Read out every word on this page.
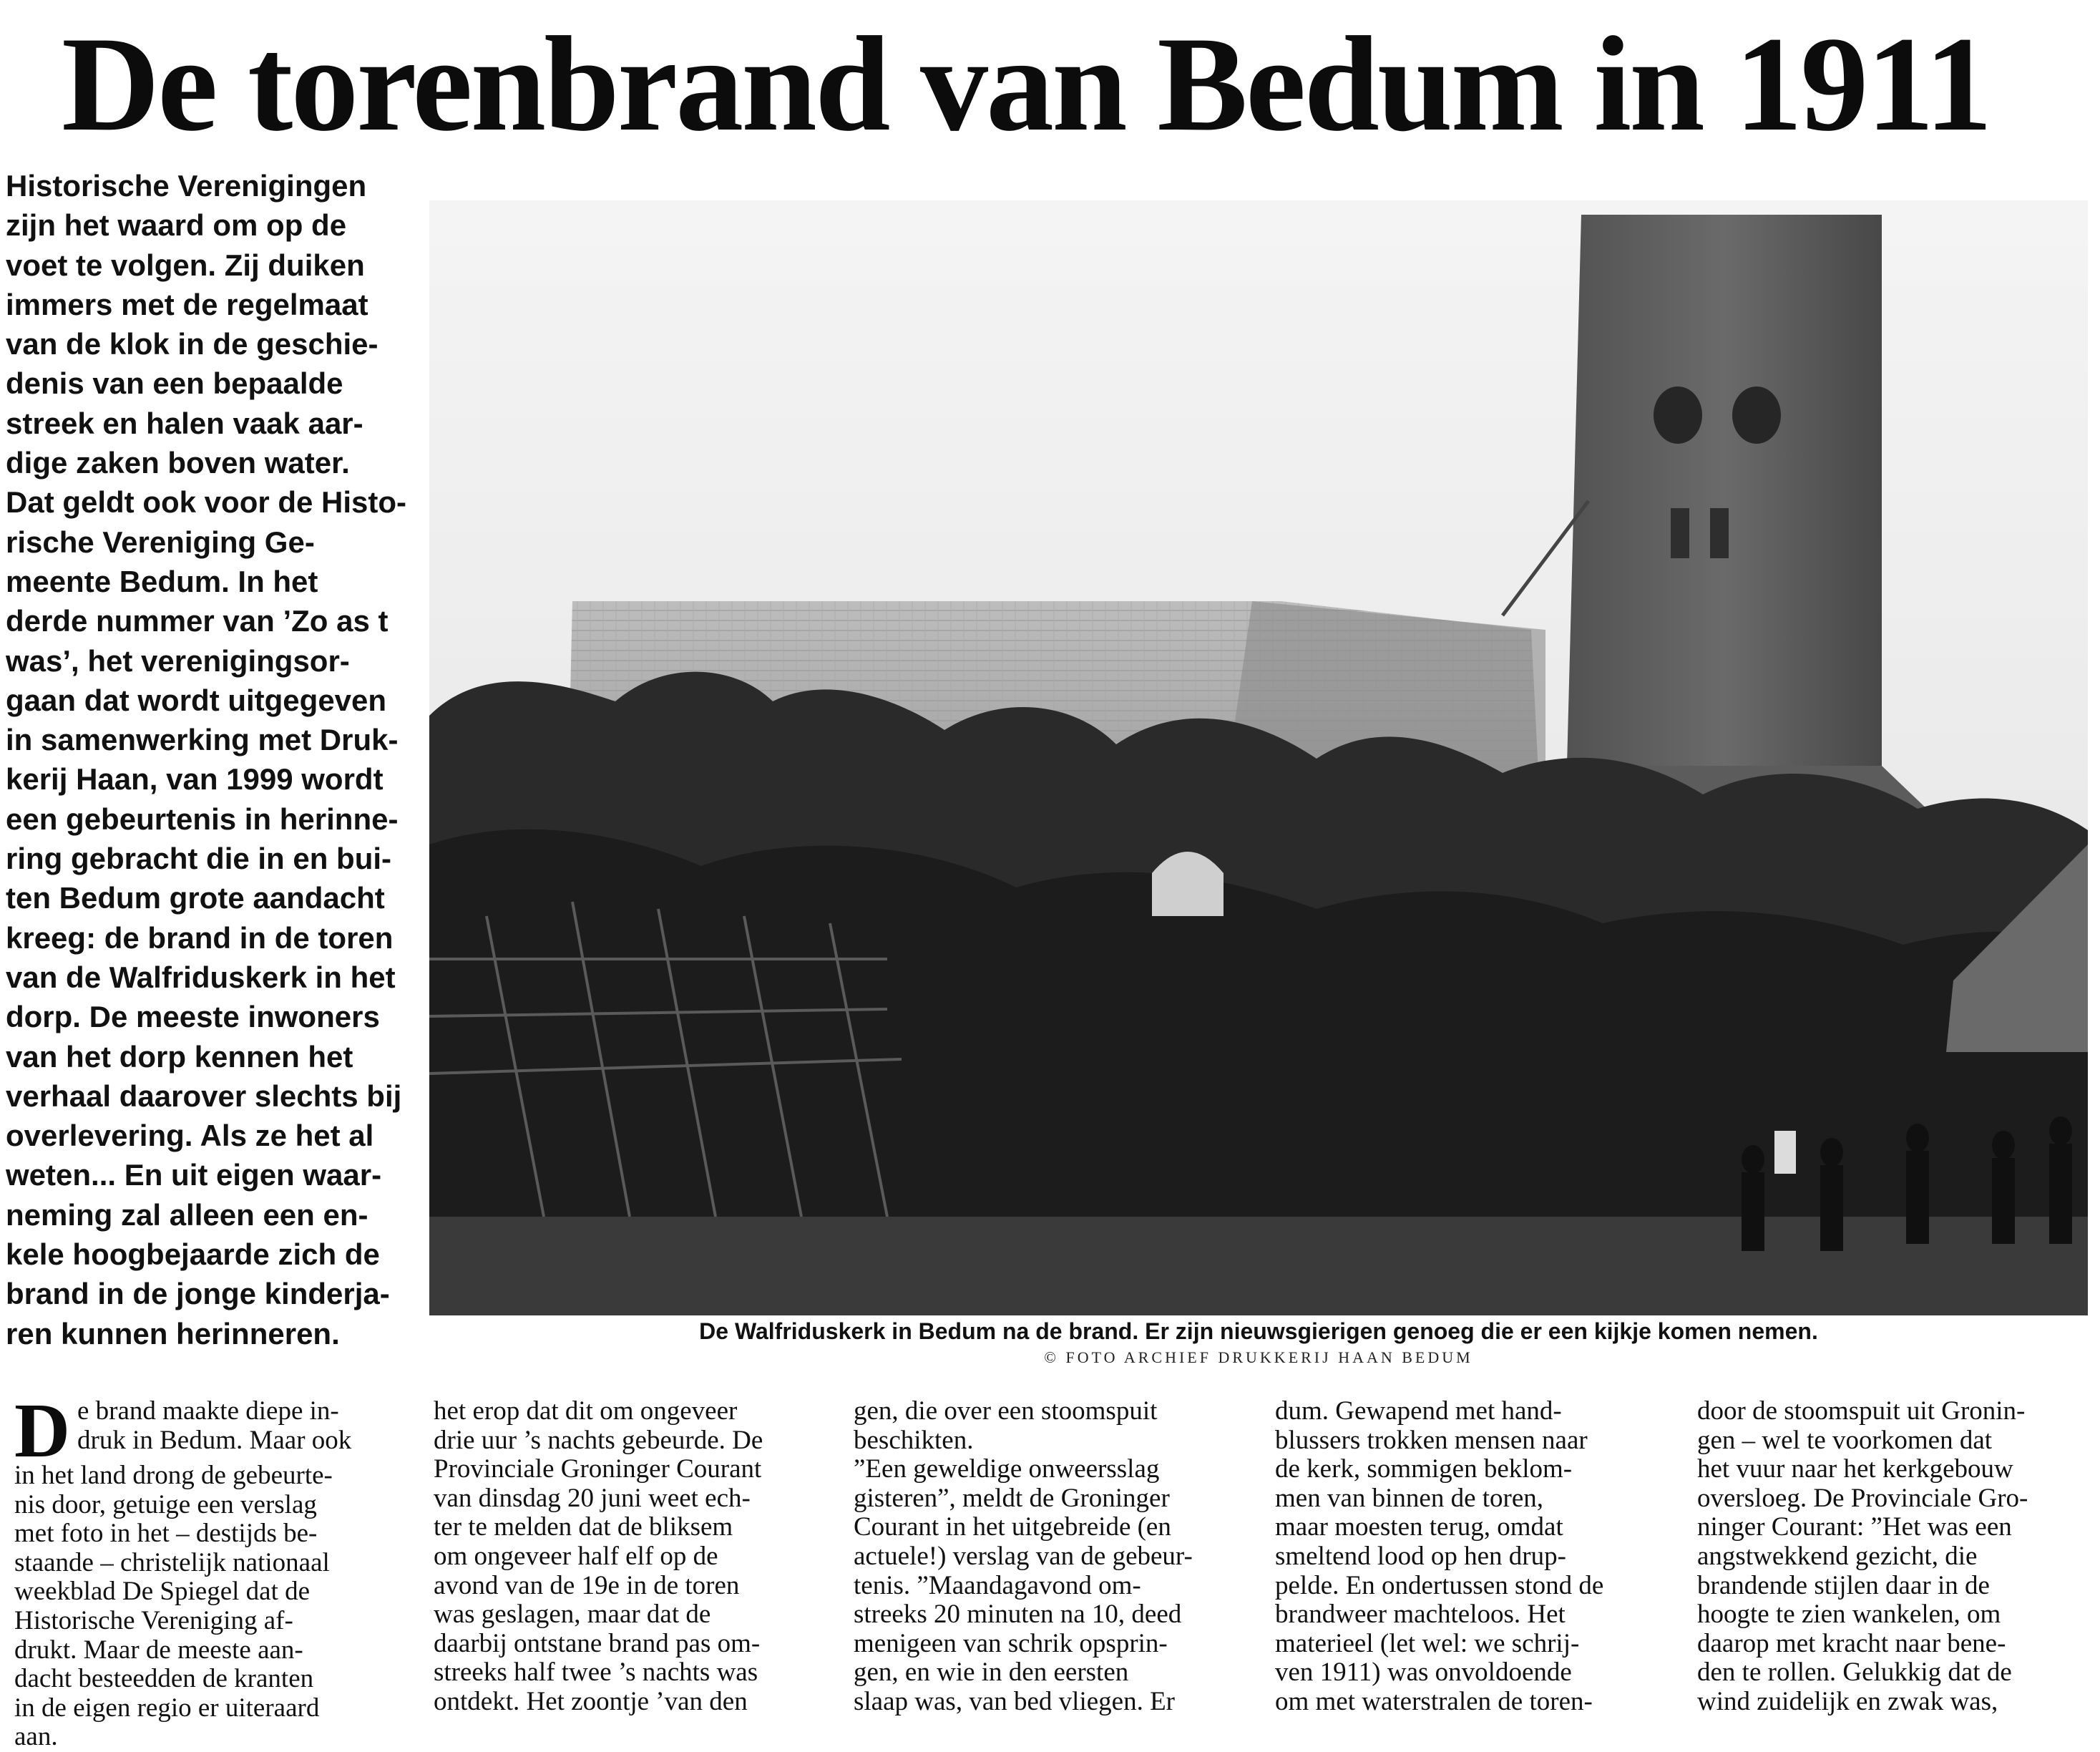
De torenbrand van Bedum in 1911
Historische Verenigingen
zijn het waard om op de
voet te volgen. Zij duiken
immers met de regelmaat
van de klok in de geschie-
denis van een bepaalde
streek en halen vaak aar-
dige zaken boven water.
Dat geldt ook voor de Histo-
rische Vereniging Ge-
meente Bedum. In het
derde nummer van ’Zo as t
was’, het verenigingsor-
gaan dat wordt uitgegeven
in samenwerking met Druk-
kerij Haan, van 1999 wordt
een gebeurtenis in herinne-
ring gebracht die in en bui-
ten Bedum grote aandacht
kreeg: de brand in de toren
van de Walfriduskerk in het
dorp. De meeste inwoners
van het dorp kennen het
verhaal daarover slechts bij
overlevering. Als ze het al
weten... En uit eigen waar-
neming zal alleen een en-
kele hoogbejaarde zich de
brand in de jonge kinderja-
ren kunnen herinneren.	De Walfriduskerk in Bedum na de brand. Er zijn nieuwsgierigen genoeg die er een kijkje komen nemen.
© FOTO ARCHIEF DRUKKERIJ HAAN BEDUM
D e brand maakte diepe in-
druk in Bedum. Maar ook
in het land drong de gebeurte-
nis door, getuige een verslag
met foto in het – destijds be-
staande – christelijk nationaal
weekblad De Spiegel dat de
Historische Vereniging af-
drukt. Maar de meeste aan-
dacht besteedden de kranten
in de eigen regio er uiteraard
aan.
het erop dat dit om ongeveer
drie uur ’s nachts gebeurde. De
Provinciale Groninger Courant
van dinsdag 20 juni weet ech-
ter te melden dat de bliksem
om ongeveer half elf op de
avond van de 19e in de toren
was geslagen, maar dat de
daarbij ontstane brand pas om-
streeks half twee ’s nachts was
ontdekt. Het zoontje ’van den
gen, die over een stoomspuit
beschikten.
”Een geweldige onweersslag
gisteren”, meldt de Groninger
Courant in het uitgebreide (en
actuele!) verslag van de gebeur-
tenis. ”Maandagavond om-
streeks 20 minuten na 10, deed
menigeen van schrik opsprin-
gen, en wie in den eersten
slaap was, van bed vliegen. Er
dum. Gewapend met hand-
blussers trokken mensen naar
de kerk, sommigen beklom-
men van binnen de toren,
maar moesten terug, omdat
smeltend lood op hen drup-
pelde. En ondertussen stond de
brandweer machteloos. Het
materieel (let wel: we schrij-
ven 1911) was onvoldoende
om met waterstralen de toren-
door de stoomspuit uit Gronin-
gen – wel te voorkomen dat
het vuur naar het kerkgebouw
oversloeg. De Provinciale Gro-
ninger Courant: ”Het was een
angstwekkend gezicht, die
brandende stijlen daar in de
hoogte te zien wankelen, om
daarop met kracht naar bene-
den te rollen. Gelukkig dat de
wind zuidelijk en zwak was,
